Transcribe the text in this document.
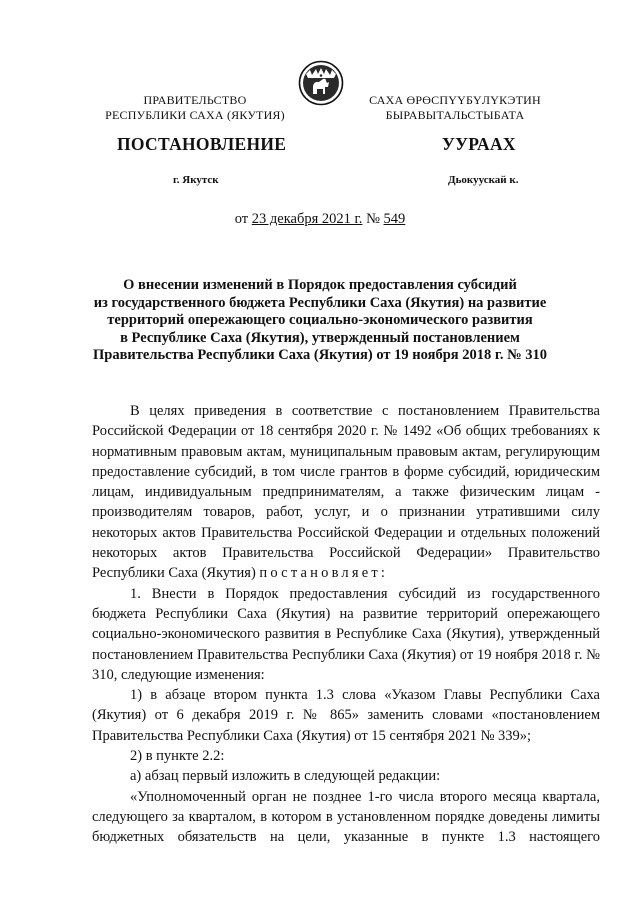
ПРАВИТЕЛЬСТВО
РЕСПУБЛИКИ САХА (ЯКУТИЯ)
САХА ӨРӨСПҮҮБҮЛҮКЭТИН
БЫРАВЫТАЛЬСТЫБАТА
ПОСТАНОВЛЕНИЕ	УУРААХ
г. Якутск	Дьокуускай к.
от 23 декабря 2021 г. № 549
О внесении изменений в Порядок предоставления субсидий
из государственного бюджета Республики Саха (Якутия) на развитие
территорий опережающего социально-экономического развития
в Республике Саха (Якутия), утвержденный постановлением
Правительства Республики Саха (Якутия) от 19 ноября 2018 г. № 310
В целях приведения в соответствие с постановлением Правительства Российской Федерации от 18 сентября 2020 г. № 1492 «Об общих требованиях к нормативным правовым актам, муниципальным правовым актам, регулирующим предоставление субсидий, в том числе грантов в форме субсидий, юридическим лицам, индивидуальным предпринимателям, а также физическим лицам - производителям товаров, работ, услуг, и о признании утратившими силу некоторых актов Правительства Российской Федерации и отдельных положений некоторых актов Правительства Российской Федерации» Правительство Республики Саха (Якутия) постановляет:
1. Внести в Порядок предоставления субсидий из государственного бюджета Республики Саха (Якутия) на развитие территорий опережающего социально-экономического развития в Республике Саха (Якутия), утвержденный постановлением Правительства Республики Саха (Якутия) от 19 ноября 2018 г. № 310, следующие изменения:
1) в абзаце втором пункта 1.3 слова «Указом Главы Республики Саха (Якутия) от 6 декабря 2019 г. № 865» заменить словами «постановлением Правительства Республики Саха (Якутия) от 15 сентября 2021 № 339»;
2) в пункте 2.2:
а) абзац первый изложить в следующей редакции:
«Уполномоченный орган не позднее 1-го числа второго месяца квартала, следующего за кварталом, в котором в установленном порядке доведены лимиты бюджетных обязательств на цели, указанные в пункте 1.3 настоящего
